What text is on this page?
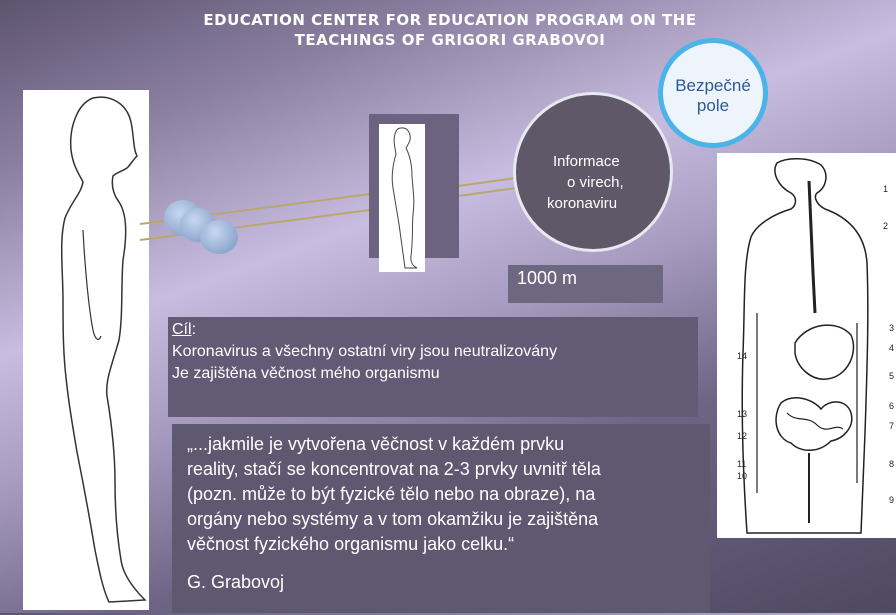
EDUCATION CENTER FOR EDUCATION PROGRAM ON THE
TEACHINGS OF GRIGORI GRABOVOI
Informace
o virech,
koronaviru
Bezpečné
pole
1000 m
1
2
3
4
5
6
7
8
9
10
11
12
13
14
Cíl:
Koronavirus a všechny ostatní viry jsou neutralizovány
Je zajištěna věčnost mého organismu
„...jakmile je vytvořena věčnost v každém prvku
reality, stačí se koncentrovat na 2-3 prvky uvnitř těla
(pozn. může to být fyzické tělo nebo na obraze), na
orgány nebo systémy a v tom okamžiku je zajištěna
věčnost fyzického organismu jako celku.“
G. Grabovoj
